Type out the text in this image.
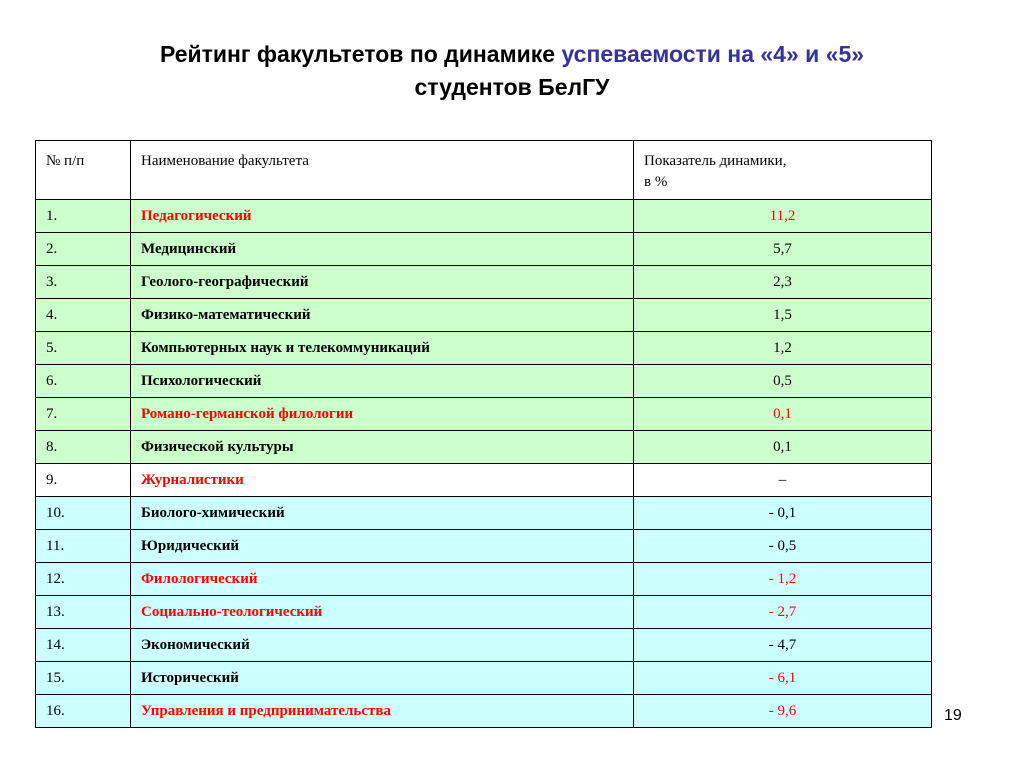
Рейтинг факультетов по динамике успеваемости на «4» и «5»
студентов БелГУ
№ п/п	Наименование факультета	Показатель динамики,
в %

1.	Педагогический	11,2
2.	Медицинский	5,7
3.	Геолого-географический	2,3
4.	Физико-математический	1,5
5.	Компьютерных наук и телекоммуникаций	1,2
6.	Психологический	0,5
7.	Романо-германской филологии	0,1
8.	Физической культуры	0,1
9.	Журналистики	–
10.	Биолого-химический	- 0,1
11.	Юридический	- 0,5
12.	Филологический	- 1,2
13.	Социально-теологический	- 2,7
14.	Экономический	- 4,7
15.	Исторический	- 6,1
16.	Управления и предпринимательства	- 9,6	19
